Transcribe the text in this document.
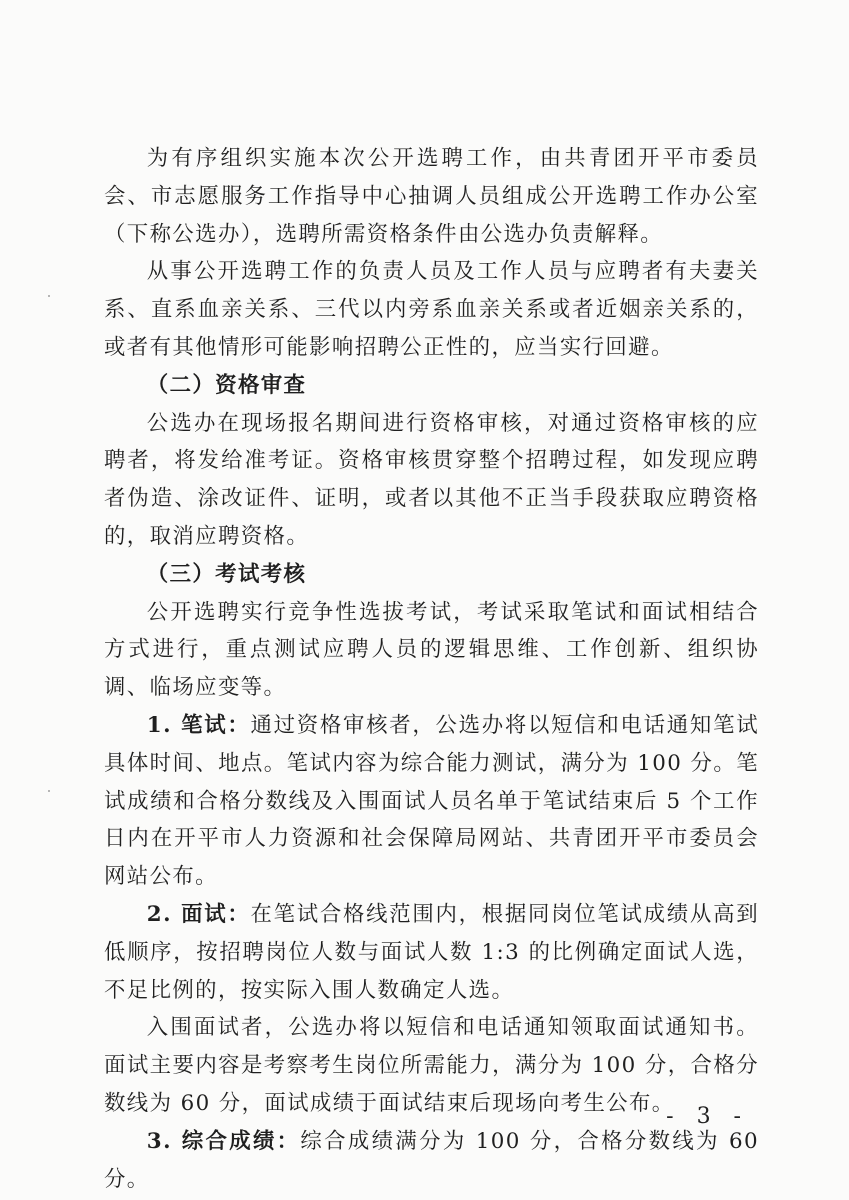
为有序组织实施本次公开选聘工作，由共青团开平市委员会、市志愿服务工作指导中心抽调人员组成公开选聘工作办公室（下称公选办），选聘所需资格条件由公选办负责解释。

从事公开选聘工作的负责人员及工作人员与应聘者有夫妻关系、直系血亲关系、三代以内旁系血亲关系或者近姻亲关系的，或者有其他情形可能影响招聘公正性的，应当实行回避。

（二）资格审查

公选办在现场报名期间进行资格审核，对通过资格审核的应聘者，将发给准考证。资格审核贯穿整个招聘过程，如发现应聘者伪造、涂改证件、证明，或者以其他不正当手段获取应聘资格的，取消应聘资格。

（三）考试考核

公开选聘实行竞争性选拔考试，考试采取笔试和面试相结合方式进行，重点测试应聘人员的逻辑思维、工作创新、组织协调、临场应变等。

1. 笔试：通过资格审核者，公选办将以短信和电话通知笔试具体时间、地点。笔试内容为综合能力测试，满分为 100 分。笔试成绩和合格分数线及入围面试人员名单于笔试结束后 5 个工作日内在开平市人力资源和社会保障局网站、共青团开平市委员会网站公布。

2. 面试：在笔试合格线范围内，根据同岗位笔试成绩从高到低顺序，按招聘岗位人数与面试人数 1:3 的比例确定面试人选，不足比例的，按实际入围人数确定人选。

入围面试者，公选办将以短信和电话通知领取面试通知书。面试主要内容是考察考生岗位所需能力，满分为 100 分，合格分数线为 60 分，面试成绩于面试结束后现场向考生公布。

3. 综合成绩：综合成绩满分为 100 分，合格分数线为 60 分。

- 3 -
